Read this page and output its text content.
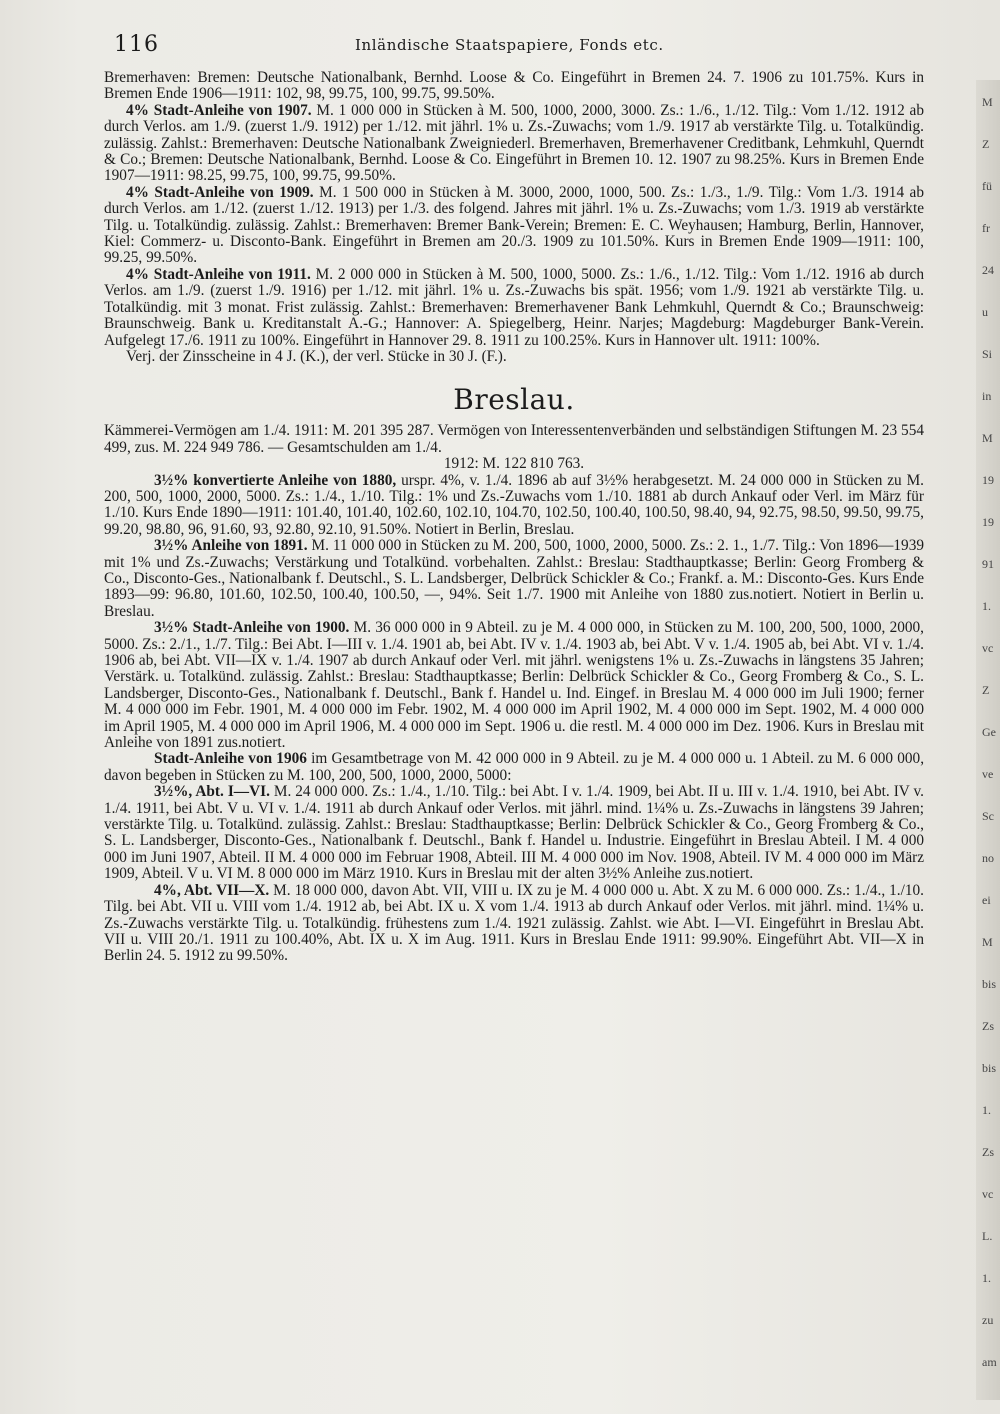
116	Inländische Staatspapiere, Fonds etc.

Bremerhaven: Bremen: Deutsche Nationalbank, Bernhd. Loose & Co. Eingeführt in Bremen 24. 7. 1906 zu 101.75%. Kurs in Bremen Ende 1906—1911: 102, 98, 99.75, 100, 99.75, 99.50%.

4% Stadt-Anleihe von 1907. M. 1 000 000 in Stücken à M. 500, 1000, 2000, 3000. Zs.: 1./6., 1./12. Tilg.: Vom 1./12. 1912 ab durch Verlos. am 1./9. (zuerst 1./9. 1912) per 1./12. mit jährl. 1% u. Zs.-Zuwachs; vom 1./9. 1917 ab verstärkte Tilg. u. Totalkündig. zulässig. Zahlst.: Bremerhaven: Deutsche Nationalbank Zweigniederl. Bremerhaven, Bremerhavener Creditbank, Lehmkuhl, Querndt & Co.; Bremen: Deutsche Nationalbank, Bernhd. Loose & Co. Eingeführt in Bremen 10. 12. 1907 zu 98.25%. Kurs in Bremen Ende 1907—1911: 98.25, 99.75, 100, 99.75, 99.50%.

4% Stadt-Anleihe von 1909. M. 1 500 000 in Stücken à M. 3000, 2000, 1000, 500. Zs.: 1./3., 1./9. Tilg.: Vom 1./3. 1914 ab durch Verlos. am 1./12. (zuerst 1./12. 1913) per 1./3. des folgend. Jahres mit jährl. 1% u. Zs.-Zuwachs; vom 1./3. 1919 ab verstärkte Tilg. u. Totalkündig. zulässig. Zahlst.: Bremerhaven: Bremer Bank-Verein; Bremen: E. C. Weyhausen; Hamburg, Berlin, Hannover, Kiel: Commerz- u. Disconto-Bank. Eingeführt in Bremen am 20./3. 1909 zu 101.50%. Kurs in Bremen Ende 1909—1911: 100, 99.25, 99.50%.

4% Stadt-Anleihe von 1911. M. 2 000 000 in Stücken à M. 500, 1000, 5000. Zs.: 1./6., 1./12. Tilg.: Vom 1./12. 1916 ab durch Verlos. am 1./9. (zuerst 1./9. 1916) per 1./12. mit jährl. 1% u. Zs.-Zuwachs bis spät. 1956; vom 1./9. 1921 ab verstärkte Tilg. u. Totalkündig. mit 3 monat. Frist zulässig. Zahlst.: Bremerhaven: Bremerhavener Bank Lehmkuhl, Querndt & Co.; Braunschweig: Braunschweig. Bank u. Kreditanstalt A.-G.; Hannover: A. Spiegelberg, Heinr. Narjes; Magdeburg: Magdeburger Bank-Verein. Aufgelegt 17./6. 1911 zu 100%. Eingeführt in Hannover 29. 8. 1911 zu 100.25%. Kurs in Hannover ult. 1911: 100%.

Verj. der Zinsscheine in 4 J. (K.), der verl. Stücke in 30 J. (F.).

Breslau.

Kämmerei-Vermögen am 1./4. 1911: M. 201 395 287. Vermögen von Interessentenverbänden und selbständigen Stiftungen M. 23 554 499, zus. M. 224 949 786. — Gesamtschulden am 1./4.

1912: M. 122 810 763.

3½% konvertierte Anleihe von 1880, urspr. 4%, v. 1./4. 1896 ab auf 3½% herabgesetzt. M. 24 000 000 in Stücken zu M. 200, 500, 1000, 2000, 5000. Zs.: 1./4., 1./10. Tilg.: 1% und Zs.-Zuwachs vom 1./10. 1881 ab durch Ankauf oder Verl. im März für 1./10. Kurs Ende 1890—1911: 101.40, 101.40, 102.60, 102.10, 104.70, 102.50, 100.40, 100.50, 98.40, 94, 92.75, 98.50, 99.50, 99.75, 99.20, 98.80, 96, 91.60, 93, 92.80, 92.10, 91.50%. Notiert in Berlin, Breslau.

3½% Anleihe von 1891. M. 11 000 000 in Stücken zu M. 200, 500, 1000, 2000, 5000. Zs.: 2. 1., 1./7. Tilg.: Von 1896—1939 mit 1% und Zs.-Zuwachs; Verstärkung und Totalkünd. vorbehalten. Zahlst.: Breslau: Stadthauptkasse; Berlin: Georg Fromberg & Co., Disconto-Ges., Nationalbank f. Deutschl., S. L. Landsberger, Delbrück Schickler & Co.; Frankf. a. M.: Disconto-Ges. Kurs Ende 1893—99: 96.80, 101.60, 102.50, 100.40, 100.50, —, 94%. Seit 1./7. 1900 mit Anleihe von 1880 zus.notiert. Notiert in Berlin u. Breslau.

3½% Stadt-Anleihe von 1900. M. 36 000 000 in 9 Abteil. zu je M. 4 000 000, in Stücken zu M. 100, 200, 500, 1000, 2000, 5000. Zs.: 2./1., 1./7. Tilg.: Bei Abt. I—III v. 1./4. 1901 ab, bei Abt. IV v. 1./4. 1903 ab, bei Abt. V v. 1./4. 1905 ab, bei Abt. VI v. 1./4. 1906 ab, bei Abt. VII—IX v. 1./4. 1907 ab durch Ankauf oder Verl. mit jährl. wenigstens 1% u. Zs.-Zuwachs in längstens 35 Jahren; Verstärk. u. Totalkünd. zulässig. Zahlst.: Breslau: Stadthauptkasse; Berlin: Delbrück Schickler & Co., Georg Fromberg & Co., S. L. Landsberger, Disconto-Ges., Nationalbank f. Deutschl., Bank f. Handel u. Ind. Eingef. in Breslau M. 4 000 000 im Juli 1900; ferner M. 4 000 000 im Febr. 1901, M. 4 000 000 im Febr. 1902, M. 4 000 000 im April 1902, M. 4 000 000 im Sept. 1902, M. 4 000 000 im April 1905, M. 4 000 000 im April 1906, M. 4 000 000 im Sept. 1906 u. die restl. M. 4 000 000 im Dez. 1906. Kurs in Breslau mit Anleihe von 1891 zus.notiert.

Stadt-Anleihe von 1906 im Gesamtbetrage von M. 42 000 000 in 9 Abteil. zu je M. 4 000 000 u. 1 Abteil. zu M. 6 000 000, davon begeben in Stücken zu M. 100, 200, 500, 1000, 2000, 5000:

3½%, Abt. I—VI. M. 24 000 000. Zs.: 1./4., 1./10. Tilg.: bei Abt. I v. 1./4. 1909, bei Abt. II u. III v. 1./4. 1910, bei Abt. IV v. 1./4. 1911, bei Abt. V u. VI v. 1./4. 1911 ab durch Ankauf oder Verlos. mit jährl. mind. 1¼% u. Zs.-Zuwachs in längstens 39 Jahren; verstärkte Tilg. u. Totalkünd. zulässig. Zahlst.: Breslau: Stadthauptkasse; Berlin: Delbrück Schickler & Co., Georg Fromberg & Co., S. L. Landsberger, Disconto-Ges., Nationalbank f. Deutschl., Bank f. Handel u. Industrie. Eingeführt in Breslau Abteil. I M. 4 000 000 im Juni 1907, Abteil. II M. 4 000 000 im Februar 1908, Abteil. III M. 4 000 000 im Nov. 1908, Abteil. IV M. 4 000 000 im März 1909, Abteil. V u. VI M. 8 000 000 im März 1910. Kurs in Breslau mit der alten 3½% Anleihe zus.notiert.

4%, Abt. VII—X. M. 18 000 000, davon Abt. VII, VIII u. IX zu je M. 4 000 000 u. Abt. X zu M. 6 000 000. Zs.: 1./4., 1./10. Tilg. bei Abt. VII u. VIII vom 1./4. 1912 ab, bei Abt. IX u. X vom 1./4. 1913 ab durch Ankauf oder Verlos. mit jährl. mind. 1¼% u. Zs.-Zuwachs verstärkte Tilg. u. Totalkündig. frühestens zum 1./4. 1921 zulässig. Zahlst. wie Abt. I—VI. Eingeführt in Breslau Abt. VII u. VIII 20./1. 1911 zu 100.40%, Abt. IX u. X im Aug. 1911. Kurs in Breslau Ende 1911: 99.90%. Eingeführt Abt. VII—X in Berlin 24. 5. 1912 zu 99.50%.

M
Z
fü
fr
24
u
Si
in
M
19
19
91
1.
vc
Z
Ge
ve
Sc
no
ei
M
bis
Zs
bis
1.
Zs
vc
L.
1.
zu
am
